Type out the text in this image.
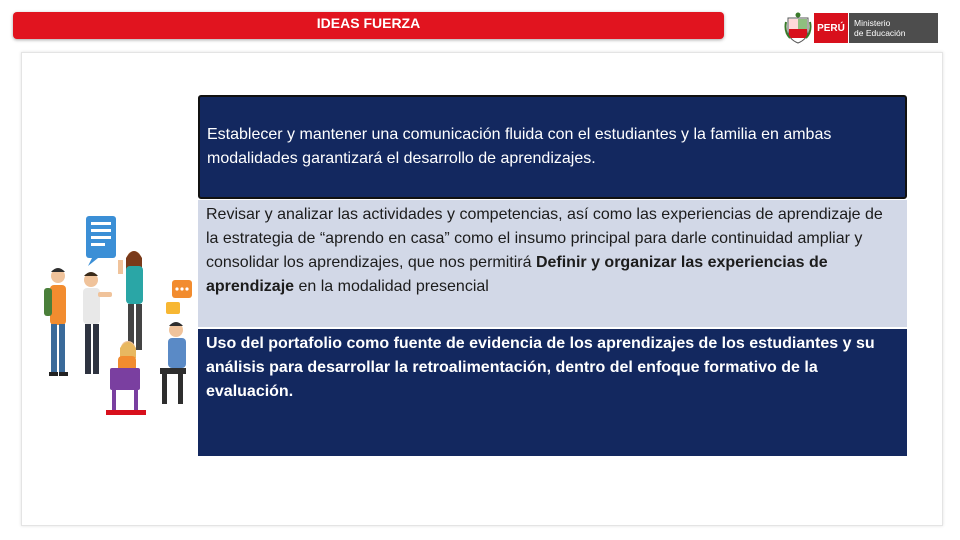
IDEAS FUERZA	PERÚ	Ministerio
de Educación
Establecer y mantener una comunicación fluida con el estudiantes y la familia en ambas modalidades garantizará el desarrollo de aprendizajes.
Revisar y analizar las actividades y competencias, así como las experiencias de aprendizaje de la estrategia de “aprendo en casa” como el insumo principal para darle continuidad ampliar y consolidar los aprendizajes, que nos permitirá Definir y organizar las experiencias de aprendizaje en la modalidad presencial
Uso del portafolio como fuente de evidencia de los aprendizajes de los estudiantes y su análisis para desarrollar la retroalimentación, dentro del enfoque formativo de la evaluación.
